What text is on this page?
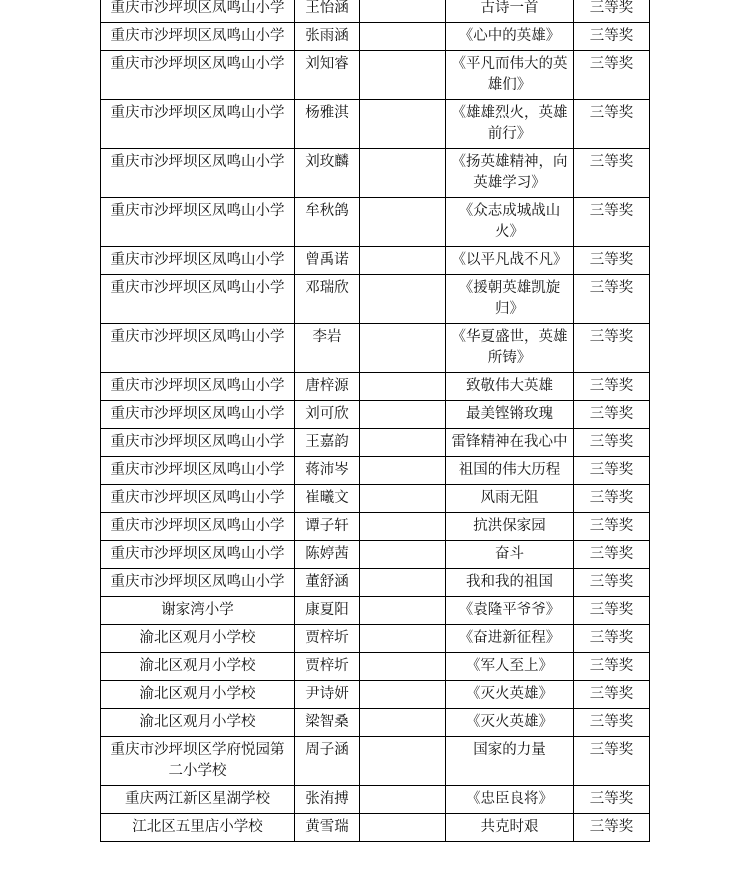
重庆市沙坪坝区凤鸣山小学	王怡涵		古诗一首	三等奖
重庆市沙坪坝区凤鸣山小学	张雨涵		《心中的英雄》	三等奖
重庆市沙坪坝区凤鸣山小学	刘知睿		《平凡而伟大的英雄们》	三等奖
重庆市沙坪坝区凤鸣山小学	杨雅淇		《雄雄烈火，英雄前行》	三等奖
重庆市沙坪坝区凤鸣山小学	刘玫麟		《扬英雄精神，向英雄学习》	三等奖
重庆市沙坪坝区凤鸣山小学	牟秋鸽		《众志成城战山火》	三等奖
重庆市沙坪坝区凤鸣山小学	曾禹诺		《以平凡战不凡》	三等奖
重庆市沙坪坝区凤鸣山小学	邓瑞欣		《援朝英雄凯旋归》	三等奖
重庆市沙坪坝区凤鸣山小学	李岩		《华夏盛世，英雄所铸》	三等奖
重庆市沙坪坝区凤鸣山小学	唐梓源		致敬伟大英雄	三等奖
重庆市沙坪坝区凤鸣山小学	刘可欣		最美铿锵玫瑰	三等奖
重庆市沙坪坝区凤鸣山小学	王嘉韵		雷锋精神在我心中	三等奖
重庆市沙坪坝区凤鸣山小学	蒋沛岑		祖国的伟大历程	三等奖
重庆市沙坪坝区凤鸣山小学	崔曦文		风雨无阻	三等奖
重庆市沙坪坝区凤鸣山小学	谭子轩		抗洪保家园	三等奖
重庆市沙坪坝区凤鸣山小学	陈婷茜		奋斗	三等奖
重庆市沙坪坝区凤鸣山小学	董舒涵		我和我的祖国	三等奖
谢家湾小学	康夏阳		《袁隆平爷爷》	三等奖
渝北区观月小学校	贾梓圻		《奋进新征程》	三等奖
渝北区观月小学校	贾梓圻		《军人至上》	三等奖
渝北区观月小学校	尹诗妍		《灭火英雄》	三等奖
渝北区观月小学校	梁智桑		《灭火英雄》	三等奖
重庆市沙坪坝区学府悦园第二小学校	周子涵		国家的力量	三等奖
重庆两江新区星湖学校	张洧搏		《忠臣良将》	三等奖
江北区五里店小学校	黄雪瑞		共克时艰	三等奖
